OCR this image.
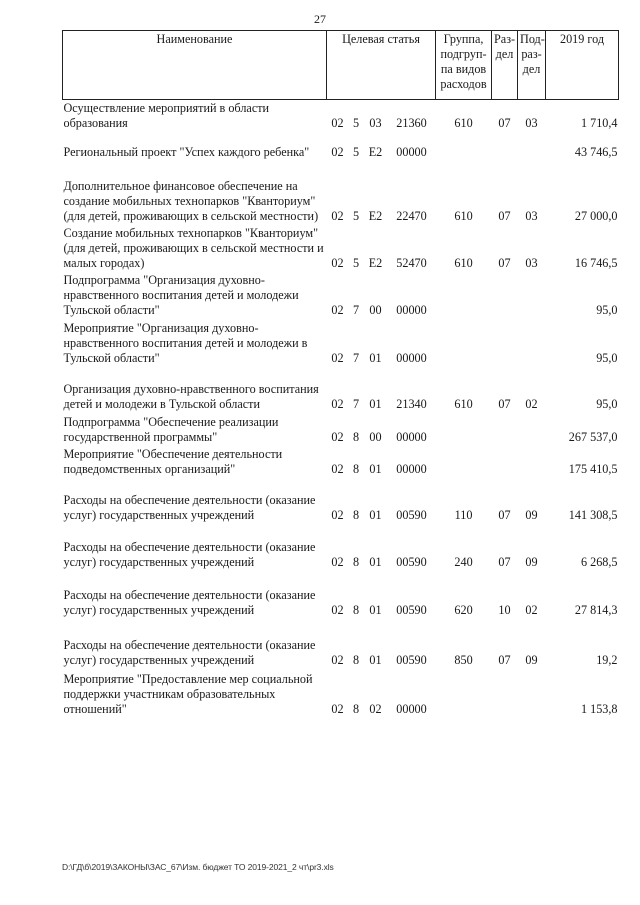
27
Наименование	Целевая статья				Группа, подгруп-па видов расходов	Раз-дел	Под-раз-дел	2019 год
Осуществление мероприятий в области образования	02	5	03	21360	610	07	03	1 710,4
Региональный проект "Успех каждого ребенка"	02	5	E2	00000				43 746,5
Дополнительное финансовое обеспечение на создание мобильных технопарков "Кванториум" (для детей, проживающих в сельской местности)	02	5	E2	22470	610	07	03	27 000,0
Создание мобильных технопарков "Кванториум" (для детей, проживающих в сельской местности и малых городах)	02	5	E2	52470	610	07	03	16 746,5
Подпрограмма "Организация духовно-нравственного воспитания детей и молодежи Тульской области"	02	7	00	00000				95,0
Мероприятие "Организация духовно-нравственного воспитания детей и молодежи в Тульской области"	02	7	01	00000				95,0
Организация духовно-нравственного воспитания детей и молодежи в Тульской области	02	7	01	21340	610	07	02	95,0
Подпрограмма "Обеспечение реализации государственной программы"	02	8	00	00000				267 537,0
Мероприятие "Обеспечение деятельности подведомственных организаций"	02	8	01	00000				175 410,5
Расходы на обеспечение деятельности (оказание услуг) государственных учреждений	02	8	01	00590	110	07	09	141 308,5
Расходы на обеспечение деятельности (оказание услуг) государственных учреждений	02	8	01	00590	240	07	09	6 268,5
Расходы на обеспечение деятельности (оказание услуг) государственных учреждений	02	8	01	00590	620	10	02	27 814,3
Расходы на обеспечение деятельности (оказание услуг) государственных учреждений	02	8	01	00590	850	07	09	19,2
Мероприятие "Предоставление мер социальной поддержки участникам образовательных отношений"	02	8	02	00000				1 153,8
D:\ГД\б\2019\ЗАКОНЫ\ЗАС_67\Изм. бюджет ТО 2019-2021_2 чт\pr3.xls
